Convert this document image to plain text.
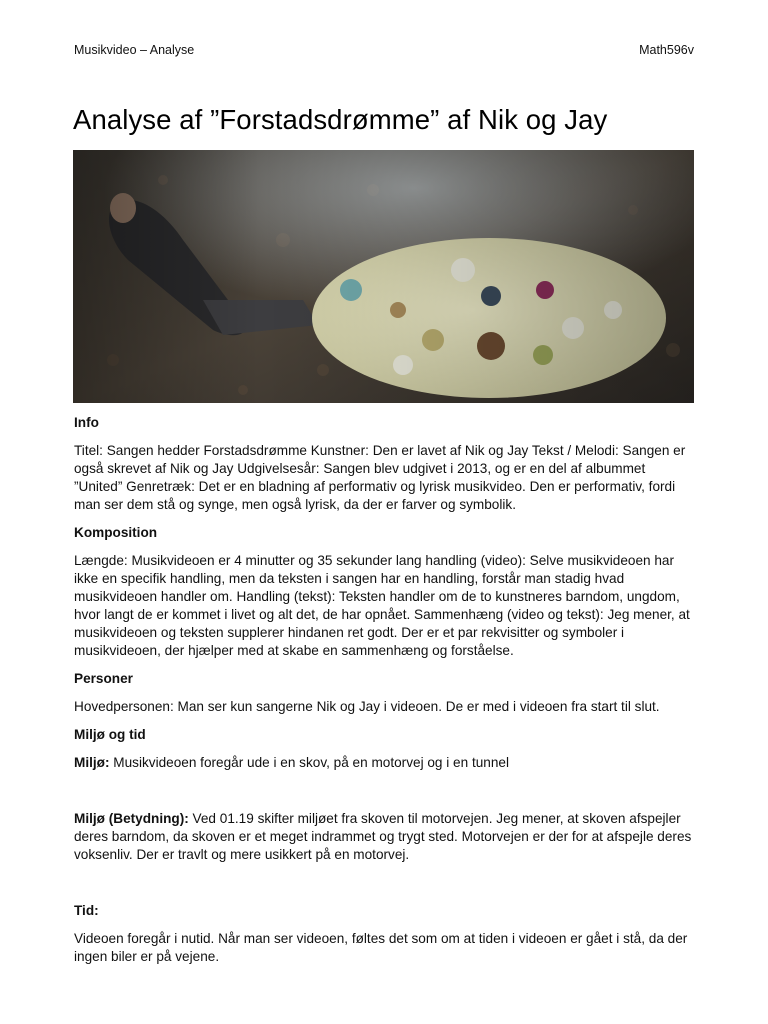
Musikvideo – Analyse	Math596v
Analyse af ”Forstadsdrømme” af Nik og Jay

Info

Titel: Sangen hedder Forstadsdrømme Kunstner: Den er lavet af Nik og Jay Tekst / Melodi: Sangen er også skrevet af Nik og Jay Udgivelsesår: Sangen blev udgivet i 2013, og er en del af albummet ”United” Genretræk: Det er en bladning af performativ og lyrisk musikvideo. Den er performativ, fordi man ser dem stå og synge, men også lyrisk, da der er farver og symbolik.

Komposition

Længde: Musikvideoen er 4 minutter og 35 sekunder lang handling (video): Selve musikvideoen har ikke en specifik handling, men da teksten i sangen har en handling, forstår man stadig hvad musikvideoen handler om. Handling (tekst): Teksten handler om de to kunstneres barndom, ungdom, hvor langt de er kommet i livet og alt det, de har opnået. Sammenhæng (video og tekst): Jeg mener, at musikvideoen og teksten supplerer hindanen ret godt. Der er et par rekvisitter og symboler i musikvideoen, der hjælper med at skabe en sammenhæng og forståelse.

Personer

Hovedpersonen: Man ser kun sangerne Nik og Jay i videoen. De er med i videoen fra start til slut.

Miljø og tid

Miljø: Musikvideoen foregår ude i en skov, på en motorvej og i en tunnel

Miljø (Betydning): Ved 01.19 skifter miljøet fra skoven til motorvejen. Jeg mener, at skoven afspejler deres barndom, da skoven er et meget indrammet og trygt sted. Motorvejen er der for at afspejle deres voksenliv. Der er travlt og mere usikkert på en motorvej.

Tid:

Videoen foregår i nutid. Når man ser videoen, føltes det som om at tiden i videoen er gået i stå, da der ingen biler er på vejene.
